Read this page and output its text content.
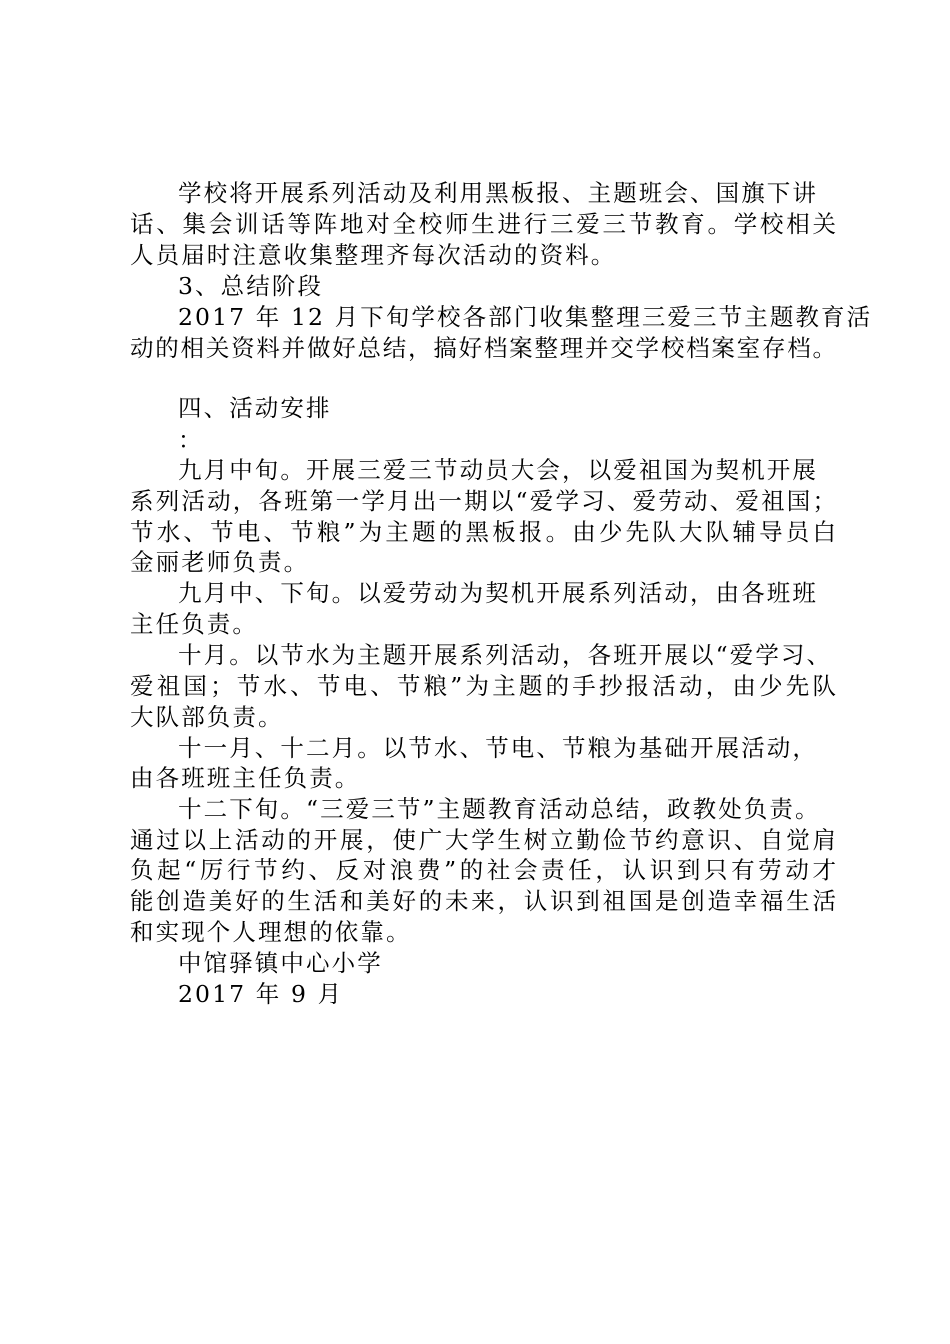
学校将开展系列活动及利用黑板报、主题班会、国旗下讲
话、集会训话等阵地对全校师生进行三爱三节教育。学校相关
人员届时注意收集整理齐每次活动的资料。
3、总结阶段
2017 年 12 月下旬学校各部门收集整理三爱三节主题教育活
动的相关资料并做好总结，搞好档案整理并交学校档案室存档。
四、活动安排
：
九月中旬。开展三爱三节动员大会，以爱祖国为契机开展
系列活动，各班第一学月出一期以“爱学习、爱劳动、爱祖国；
节水、节电、节粮”为主题的黑板报。由少先队大队辅导员白
金丽老师负责。
九月中、下旬。以爱劳动为契机开展系列活动，由各班班
主任负责。
十月。以节水为主题开展系列活动，各班开展以“爱学习、
爱祖国；节水、节电、节粮”为主题的手抄报活动，由少先队
大队部负责。
十一月、十二月。以节水、节电、节粮为基础开展活动，
由各班班主任负责。
十二下旬。“三爱三节”主题教育活动总结，政教处负责。
通过以上活动的开展，使广大学生树立勤俭节约意识、自觉肩
负起“厉行节约、反对浪费”的社会责任，认识到只有劳动才
能创造美好的生活和美好的未来，认识到祖国是创造幸福生活
和实现个人理想的依靠。
中馆驿镇中心小学
2017 年 9 月
